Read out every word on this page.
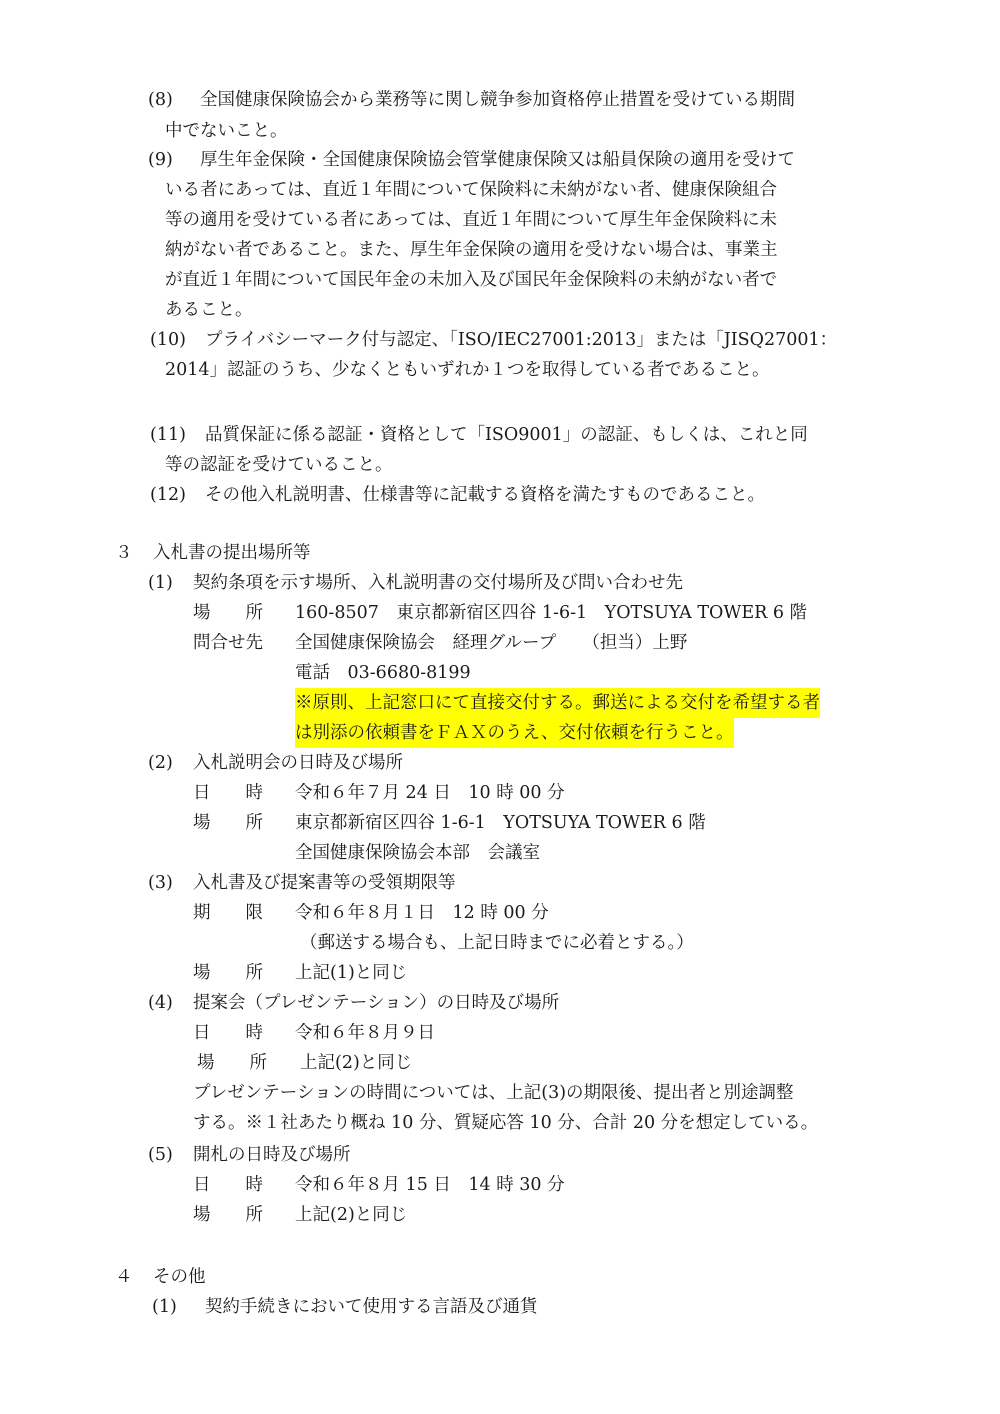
(8) 全国健康保険協会から業務等に関し競争参加資格停止措置を受けている期間
中でないこと。
(9) 厚生年金保険・全国健康保険協会管掌健康保険又は船員保険の適用を受けて
いる者にあっては、直近１年間について保険料に未納がない者、健康保険組合
等の適用を受けている者にあっては、直近１年間について厚生年金保険料に未
納がない者であること。また、厚生年金保険の適用を受けない場合は、事業主
が直近１年間について国民年金の未加入及び国民年金保険料の未納がない者で
あること。
(10) プライバシーマーク付与認定、「ISO/IEC27001:2013」または「JISQ27001：
2014」認証のうち、少なくともいずれか１つを取得している者であること。
(11) 品質保証に係る認証・資格として「ISO9001」の認証、もしくは、これと同
等の認証を受けていること。
(12) その他入札説明書、仕様書等に記載する資格を満たすものであること。
３ 入札書の提出場所等
(1) 契約条項を示す場所、入札説明書の交付場所及び問い合わせ先
場　　所 160-8507　東京都新宿区四谷 1-6-1　YOTSUYA TOWER 6 階
問合せ先 全国健康保険協会　経理グループ　　（担当）上野
電話　03-6680-8199
※原則、上記窓口にて直接交付する。郵送による交付を希望する者
は別添の依頼書をＦＡＸのうえ、交付依頼を行うこと。
(2) 入札説明会の日時及び場所
日　　時 令和６年７月 24 日　10 時 00 分
場　　所 東京都新宿区四谷 1-6-1　YOTSUYA TOWER 6 階
全国健康保険協会本部　会議室
(3) 入札書及び提案書等の受領期限等
期　　限 令和６年８月１日　12 時 00 分
（郵送する場合も、上記日時までに必着とする。）
場　　所 上記(1)と同じ
(4) 提案会（プレゼンテーション）の日時及び場所
日　　時 令和６年８月９日
場　　所 上記(2)と同じ
プレゼンテーションの時間については、上記(3)の期限後、提出者と別途調整
する。※１社あたり概ね 10 分、質疑応答 10 分、合計 20 分を想定している。
(5) 開札の日時及び場所
日　　時 令和６年８月 15 日　14 時 30 分
場　　所 上記(2)と同じ
４ その他
(1) 契約手続きにおいて使用する言語及び通貨
